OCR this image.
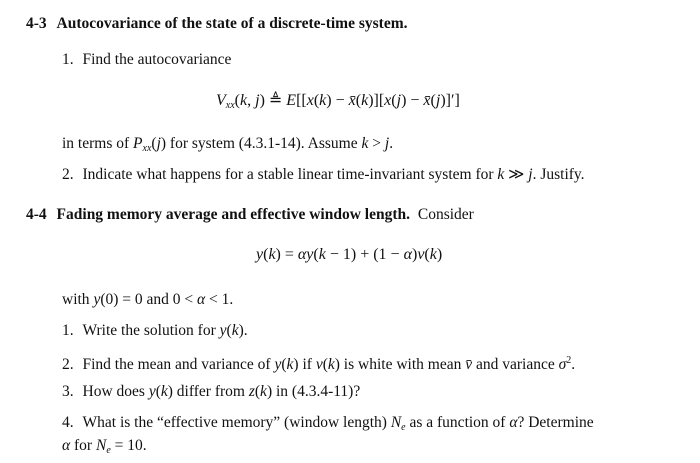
4-3 Autocovariance of the state of a discrete-time system.
1. Find the autocovariance
$V_{xx}(k$, j) ≜ E[[x(k) − x̄(k)][x(j) − x̄(j)]′]
in terms of $P_{xx}(j)$ for system (4.3.1-14). Assume k > j.
2. Indicate what happens for a stable linear time-invariant system for k ≫ j. Justify.
4-4 Fading memory average and effective window length. Consider
y(k) = αy(k − 1) + (1 − α)v(k)
with y(0) = 0 and 0 < α < 1.
1. Write the solution for y(k).
2. Find the mean and variance of y(k) if v(k) is white with mean v̄ and variance $\sigma^2$.
3. How does y(k) differ from z(k) in (4.3.4-11)?
4. What is the “effective memory” (window length) $N_e$ as a function of α? Determine
α for $N_e = 10$.
